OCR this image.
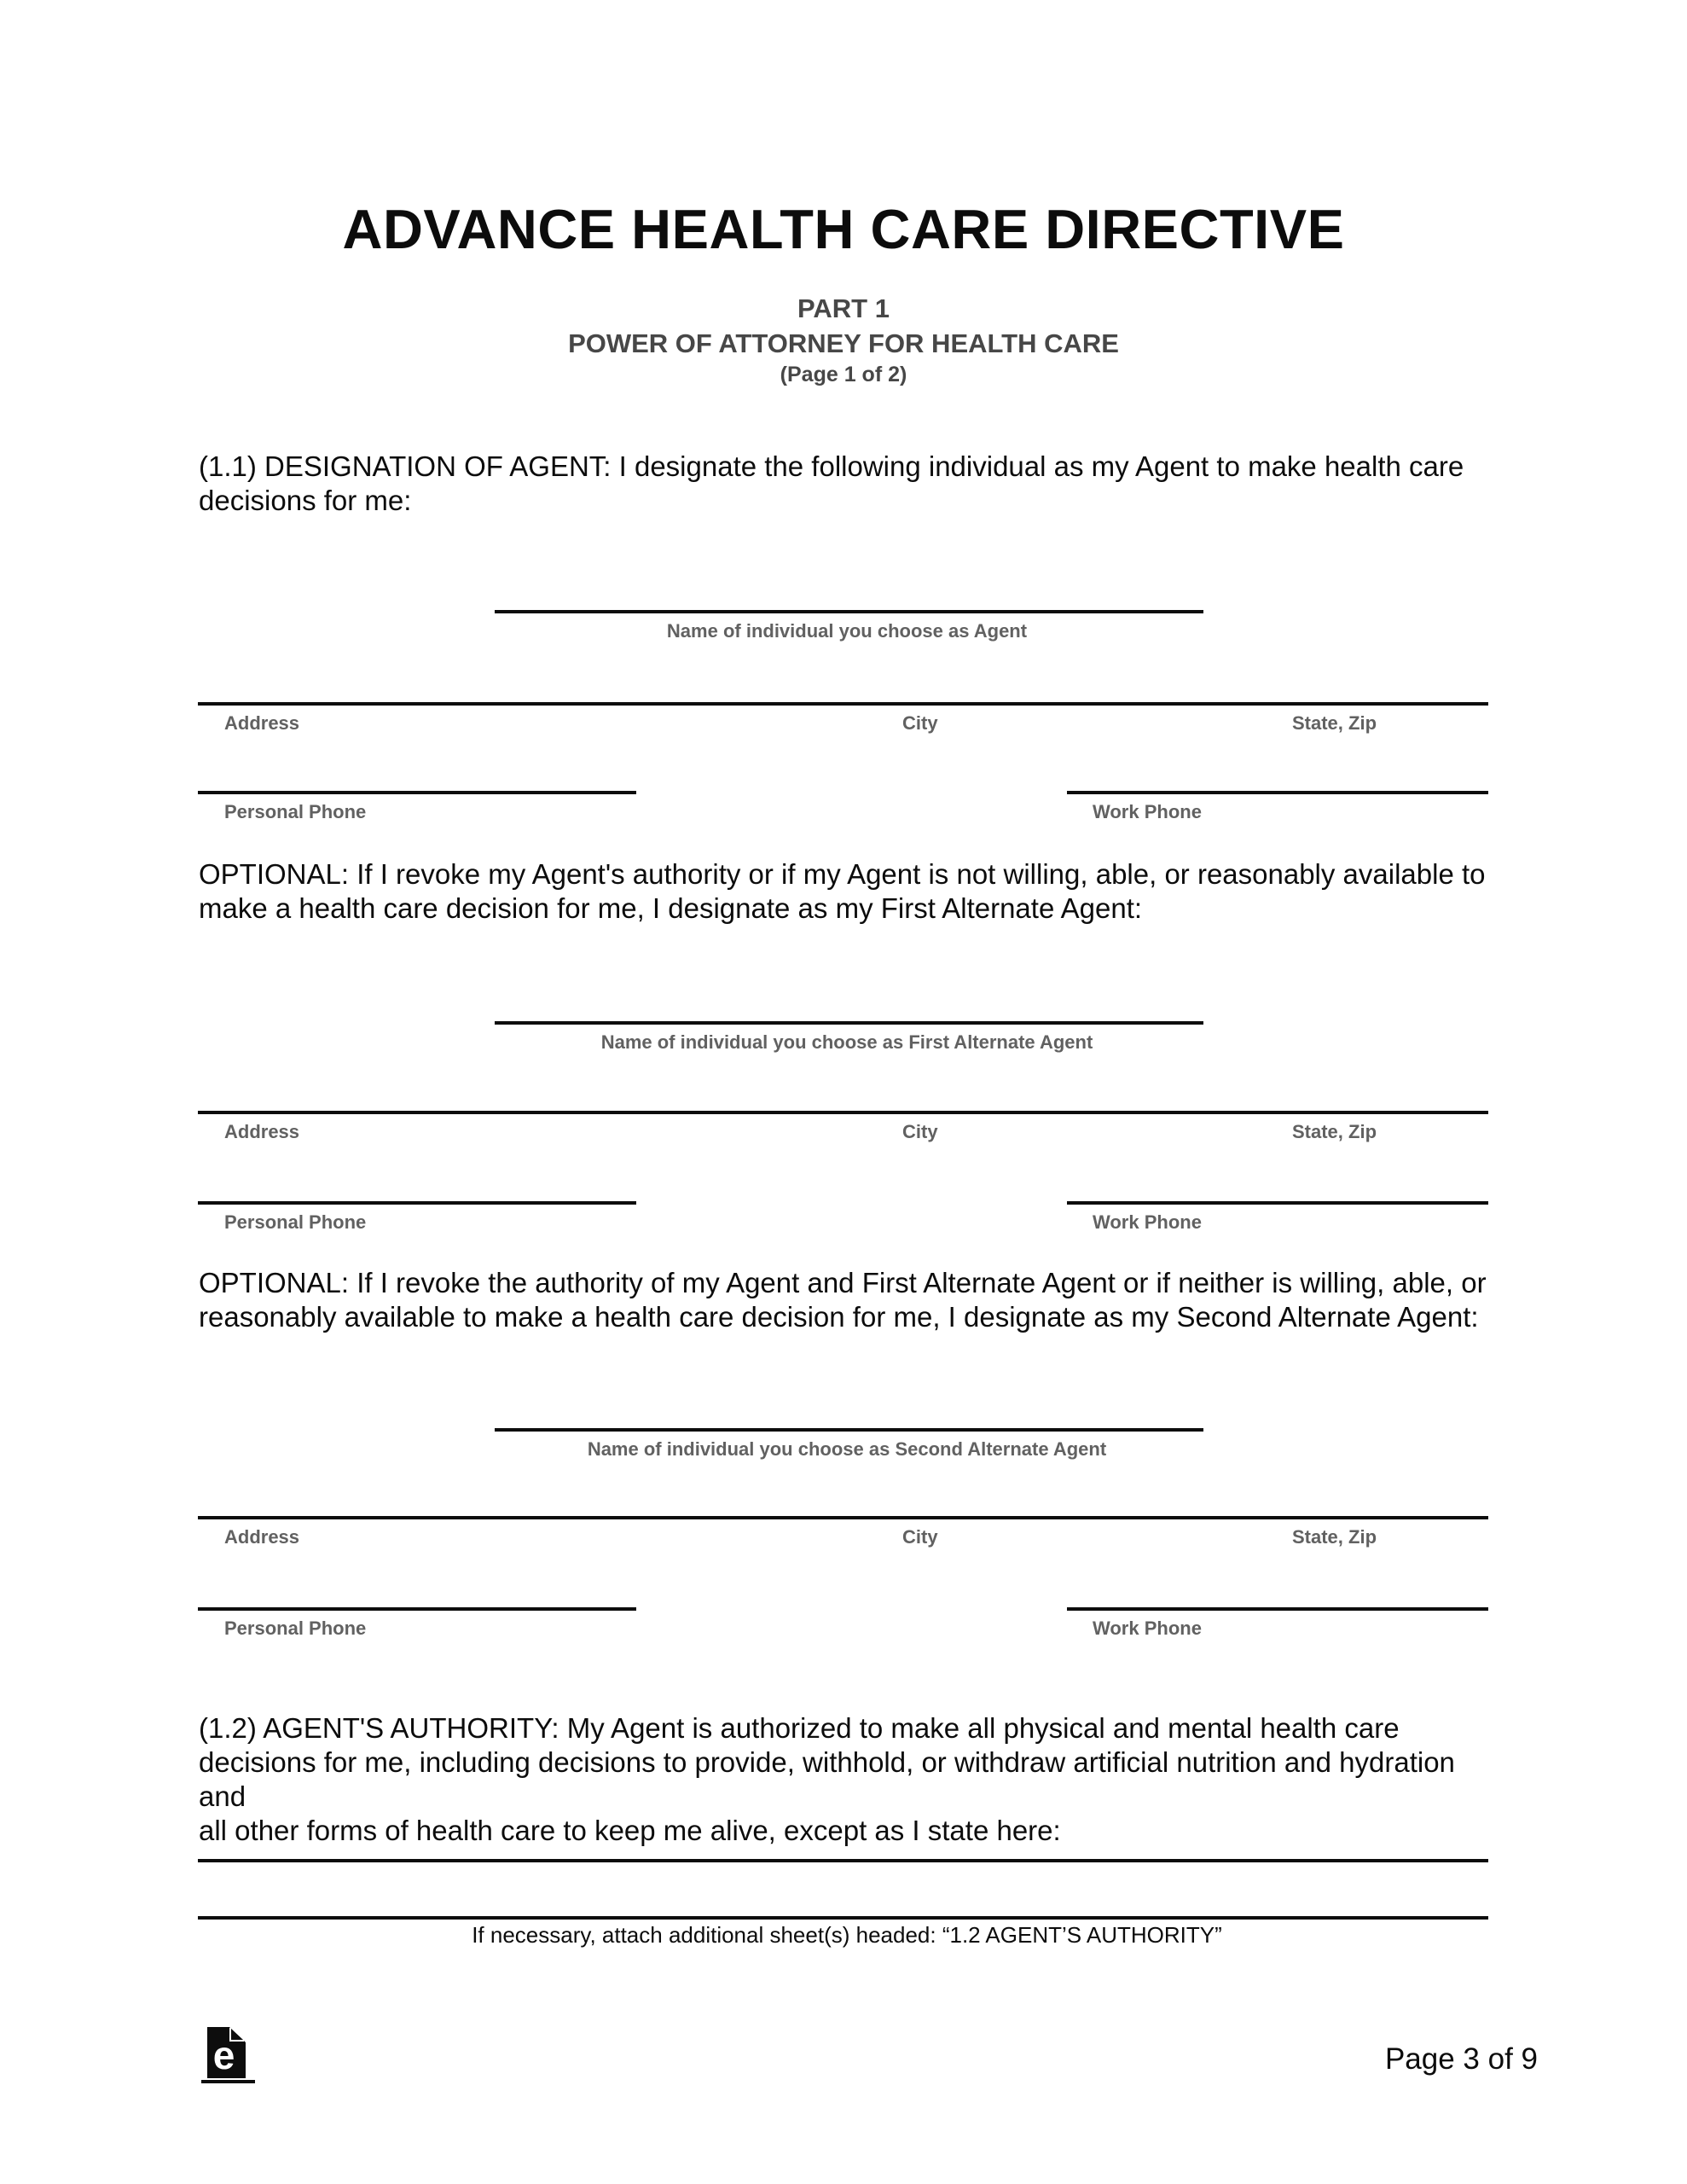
ADVANCE HEALTH CARE DIRECTIVE
PART 1
POWER OF ATTORNEY FOR HEALTH CARE
(Page 1 of 2)
(1.1) DESIGNATION OF AGENT: I designate the following individual as my Agent to make health care
decisions for me:
Name of individual you choose as Agent
Address	City	State, Zip
Personal Phone	Work Phone
OPTIONAL: If I revoke my Agent's authority or if my Agent is not willing, able, or reasonably available to
make a health care decision for me, I designate as my First Alternate Agent:
Name of individual you choose as First Alternate Agent
Address	City	State, Zip
Personal Phone	Work Phone
OPTIONAL: If I revoke the authority of my Agent and First Alternate Agent or if neither is willing, able, or
reasonably available to make a health care decision for me, I designate as my Second Alternate Agent:
Name of individual you choose as Second Alternate Agent
Address	City	State, Zip
Personal Phone	Work Phone
(1.2) AGENT'S AUTHORITY: My Agent is authorized to make all physical and mental health care
decisions for me, including decisions to provide, withhold, or withdraw artificial nutrition and hydration and
all other forms of health care to keep me alive, except as I state here:
If necessary, attach additional sheet(s) headed: “1.2 AGENT’S AUTHORITY”
e	Page 3 of 9
